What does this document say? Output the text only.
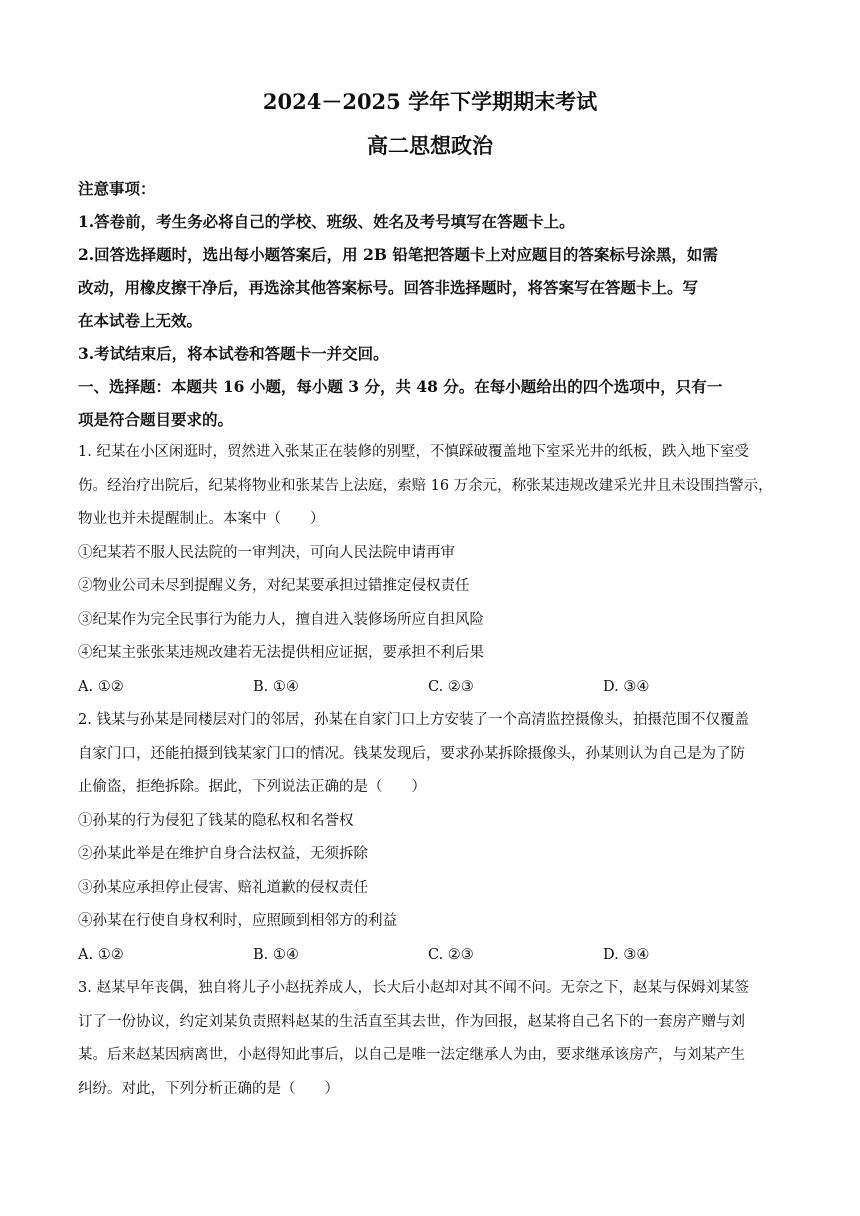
2024－2025 学年下学期期末考试
高二思想政治

注意事项：

1.答卷前，考生务必将自己的学校、班级、姓名及考号填写在答题卡上。

2.回答选择题时，选出每小题答案后，用 2B 铅笔把答题卡上对应题目的答案标号涂黑，如需

改动，用橡皮擦干净后，再选涂其他答案标号。回答非选择题时，将答案写在答题卡上。写

在本试卷上无效。

3.考试结束后，将本试卷和答题卡一并交回。

一、选择题：本题共 16 小题，每小题 3 分，共 48 分。在每小题给出的四个选项中，只有一

项是符合题目要求的。

1. 纪某在小区闲逛时，贸然进入张某正在装修的别墅，不慎踩破覆盖地下室采光井的纸板，跌入地下室受

伤。经治疗出院后，纪某将物业和张某告上法庭，索赔 16 万余元，称张某违规改建采光井且未设围挡警示，

物业也并未提醒制止。本案中（　　）

①纪某若不服人民法院的一审判决，可向人民法院申请再审

②物业公司未尽到提醒义务，对纪某要承担过错推定侵权责任

③纪某作为完全民事行为能力人，擅自进入装修场所应自担风险

④纪某主张张某违规改建若无法提供相应证据，要承担不利后果

A. ①②	B. ①④	C. ②③	D. ③④

2. 钱某与孙某是同楼层对门的邻居，孙某在自家门口上方安装了一个高清监控摄像头，拍摄范围不仅覆盖

自家门口，还能拍摄到钱某家门口的情况。钱某发现后，要求孙某拆除摄像头，孙某则认为自己是为了防

止偷盗，拒绝拆除。据此，下列说法正确的是（　　）

①孙某的行为侵犯了钱某的隐私权和名誉权

②孙某此举是在维护自身合法权益，无须拆除

③孙某应承担停止侵害、赔礼道歉的侵权责任

④孙某在行使自身权利时，应照顾到相邻方的利益

A. ①②	B. ①④	C. ②③	D. ③④

3. 赵某早年丧偶，独自将儿子小赵抚养成人，长大后小赵却对其不闻不问。无奈之下，赵某与保姆刘某签

订了一份协议，约定刘某负责照料赵某的生活直至其去世，作为回报，赵某将自己名下的一套房产赠与刘

某。后来赵某因病离世，小赵得知此事后，以自己是唯一法定继承人为由，要求继承该房产，与刘某产生

纠纷。对此，下列分析正确的是（　　）
